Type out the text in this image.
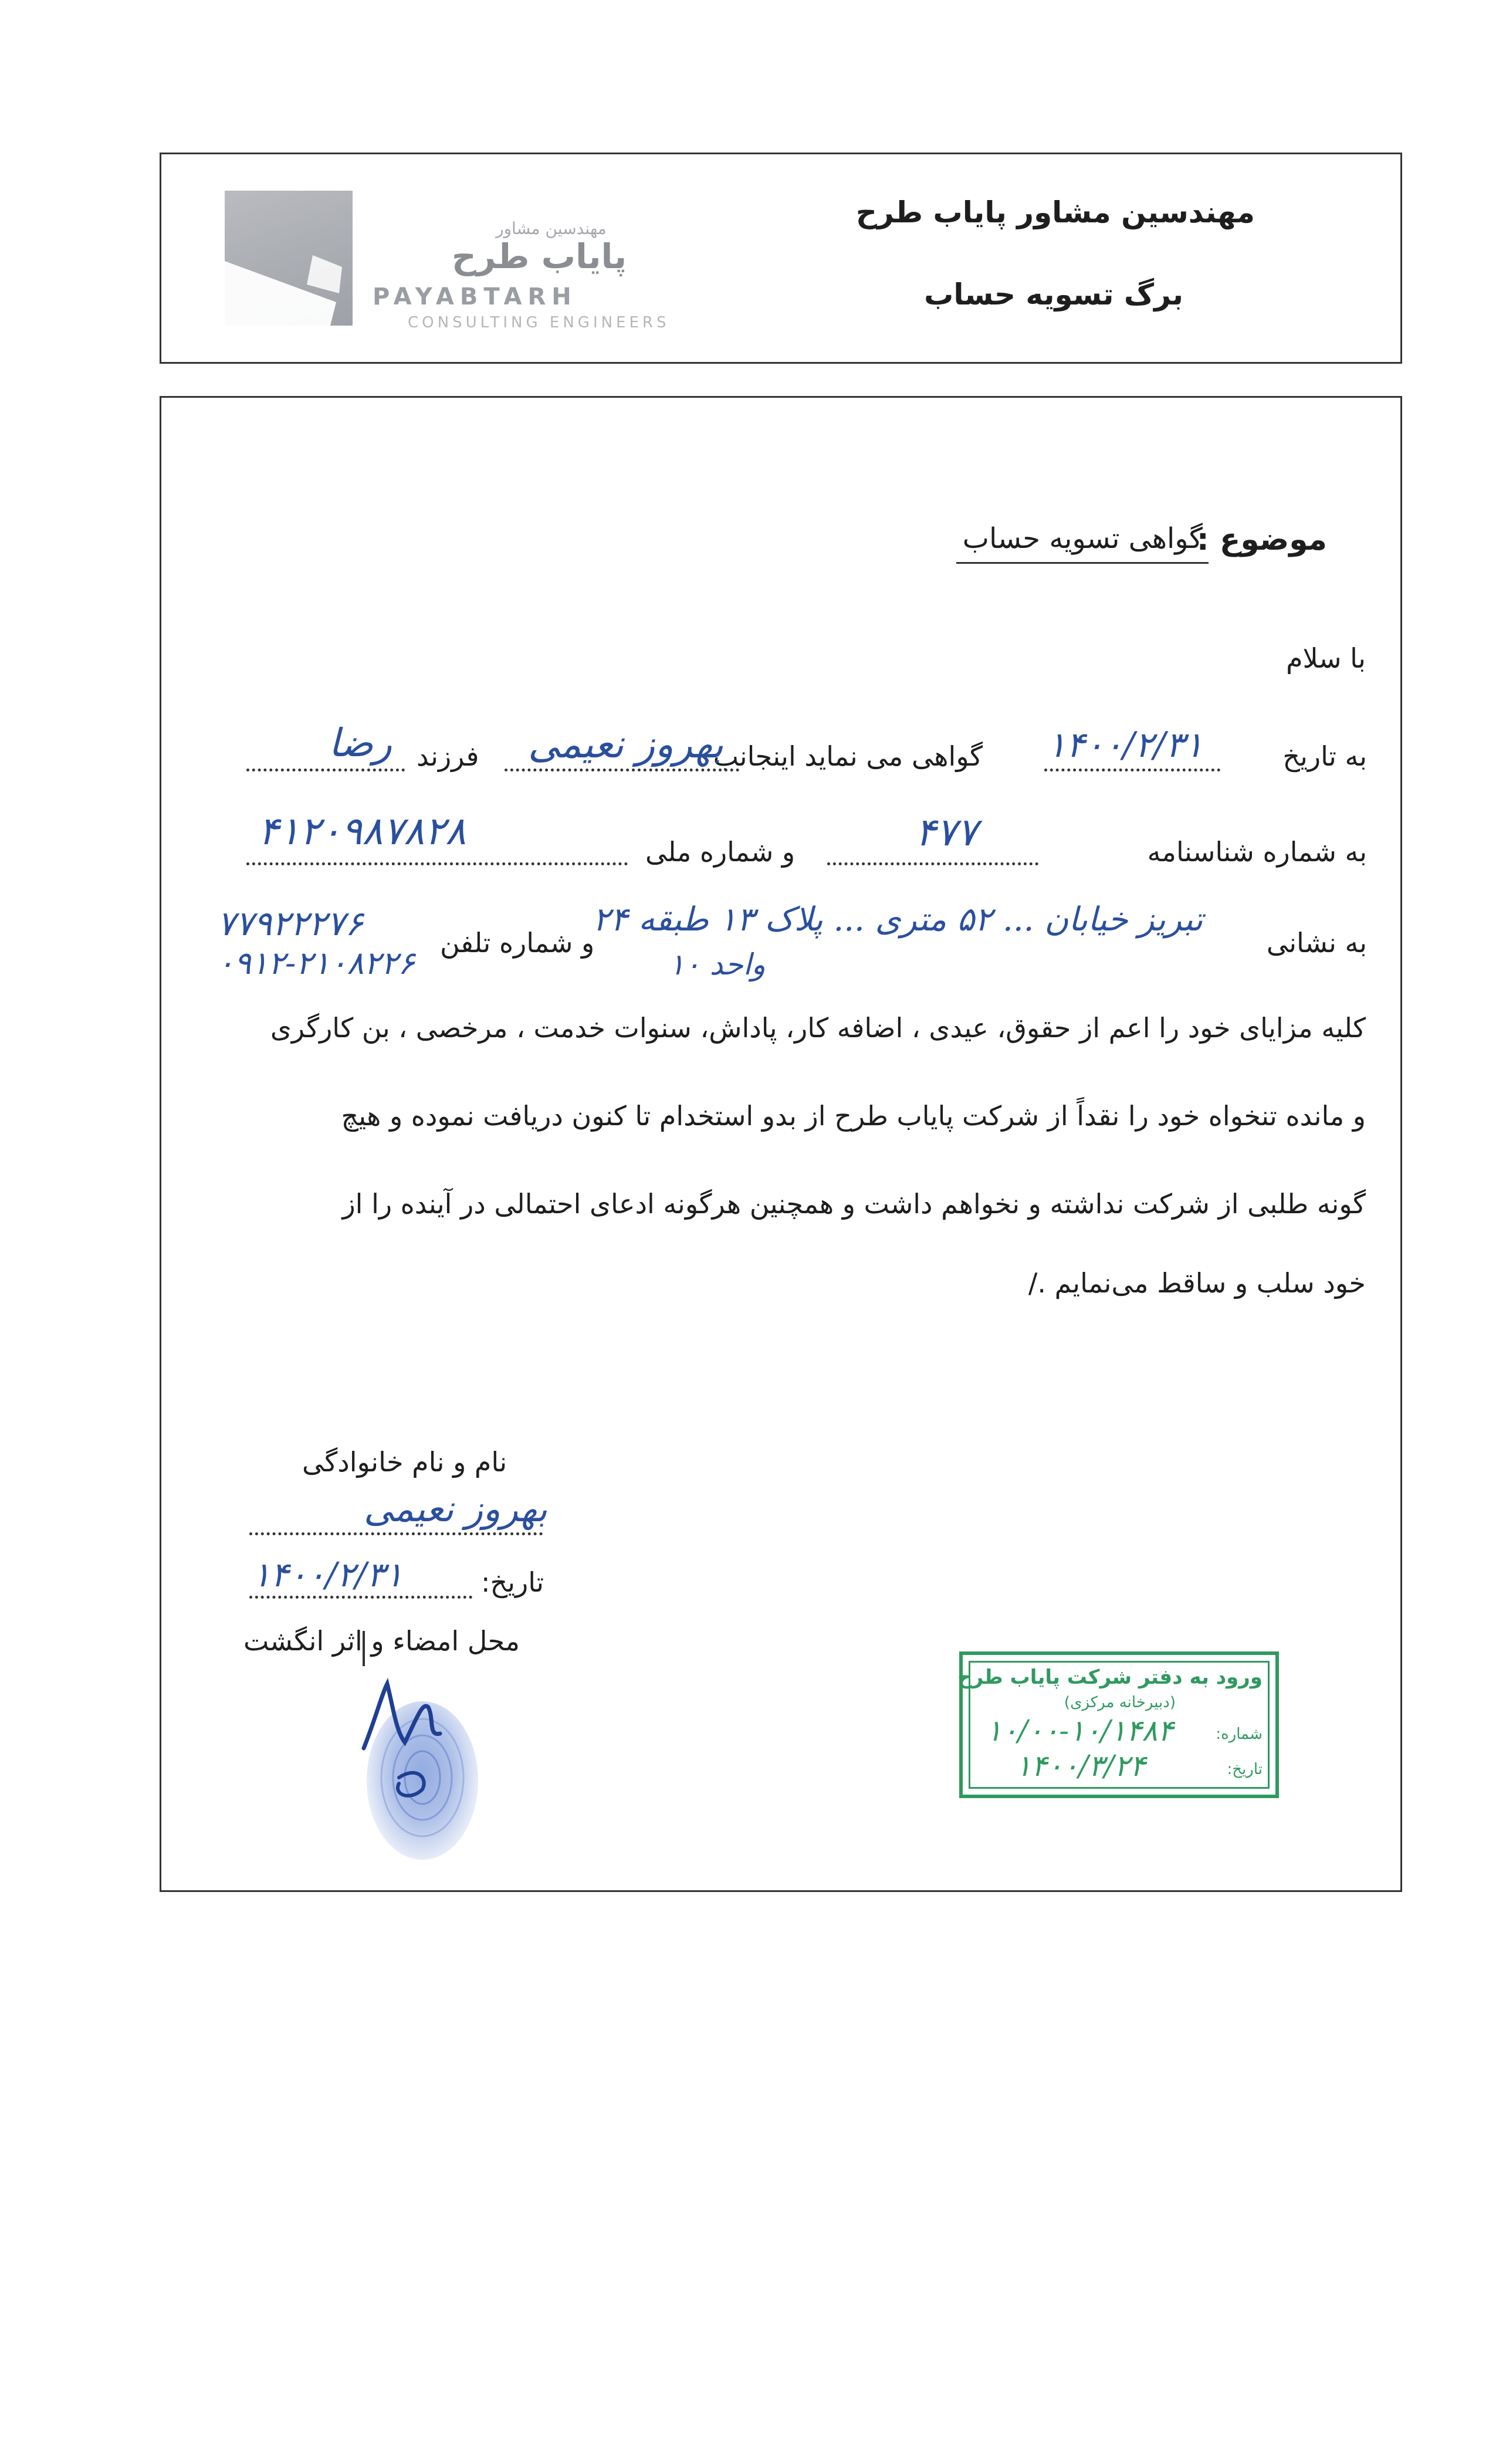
مهندسین مشاور
پایاب طرح
PAYABTARH
CONSULTING ENGINEERS
مهندسین مشاور پایاب طرح
برگ تسویه حساب
موضوع :
گواهی تسویه حساب
با سلام
به تاریخ
۱۴۰۰/۲/۳۱
گواهی می نماید اینجانب
بهروز نعیمی
فرزند
رضا
به شماره شناسنامه
۴۷۷
و شماره ملی
۴۱۲۰۹۸۷۸۲۸
به نشانی
تبریز خیابان ... ۵۲ متری ... پلاک ۱۳ طبقه ۲۴
واحد ۱۰
و شماره تلفن
۷۷۹۲۲۲۷۶
۰۹۱۲-۲۱۰۸۲۲۶
کلیه مزایای خود را اعم از حقوق، عیدی ، اضافه کار، پاداش، سنوات خدمت ، مرخصی ، بن کارگری
و مانده تنخواه خود را نقداً از شرکت پایاب طرح از بدو استخدام تا کنون دریافت نموده و هیچ
گونه طلبی از شرکت نداشته و نخواهم داشت و همچنین هرگونه ادعای احتمالی در آینده را از
خود سلب و ساقط می‌نمایم ./
نام و نام خانوادگی
بهروز نعیمی
تاریخ:
۱۴۰۰/۲/۳۱
محل امضاء و اثر انگشت
ورود به دفتر شرکت پایاب طرح
(دبیرخانه مرکزی)
شماره:
۱۰/۰۰-۱۰/۱۴۸۴
تاریخ:
۱۴۰۰/۳/۲۴
